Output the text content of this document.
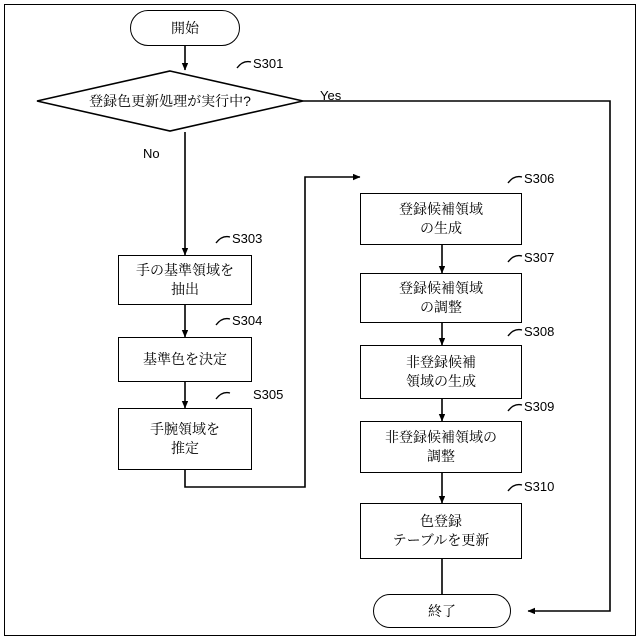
開始
登録色更新処理が実行中?
S301
S303
S304
S305
S306
S307
S308
S309
S310
Yes
No
手の基準領域を
抽出
基準色を決定
手腕領域を
推定
登録候補領域
の生成
登録候補領域
の調整
非登録候補
領域の生成
非登録候補領域の
調整
色登録
テーブルを更新
終了
